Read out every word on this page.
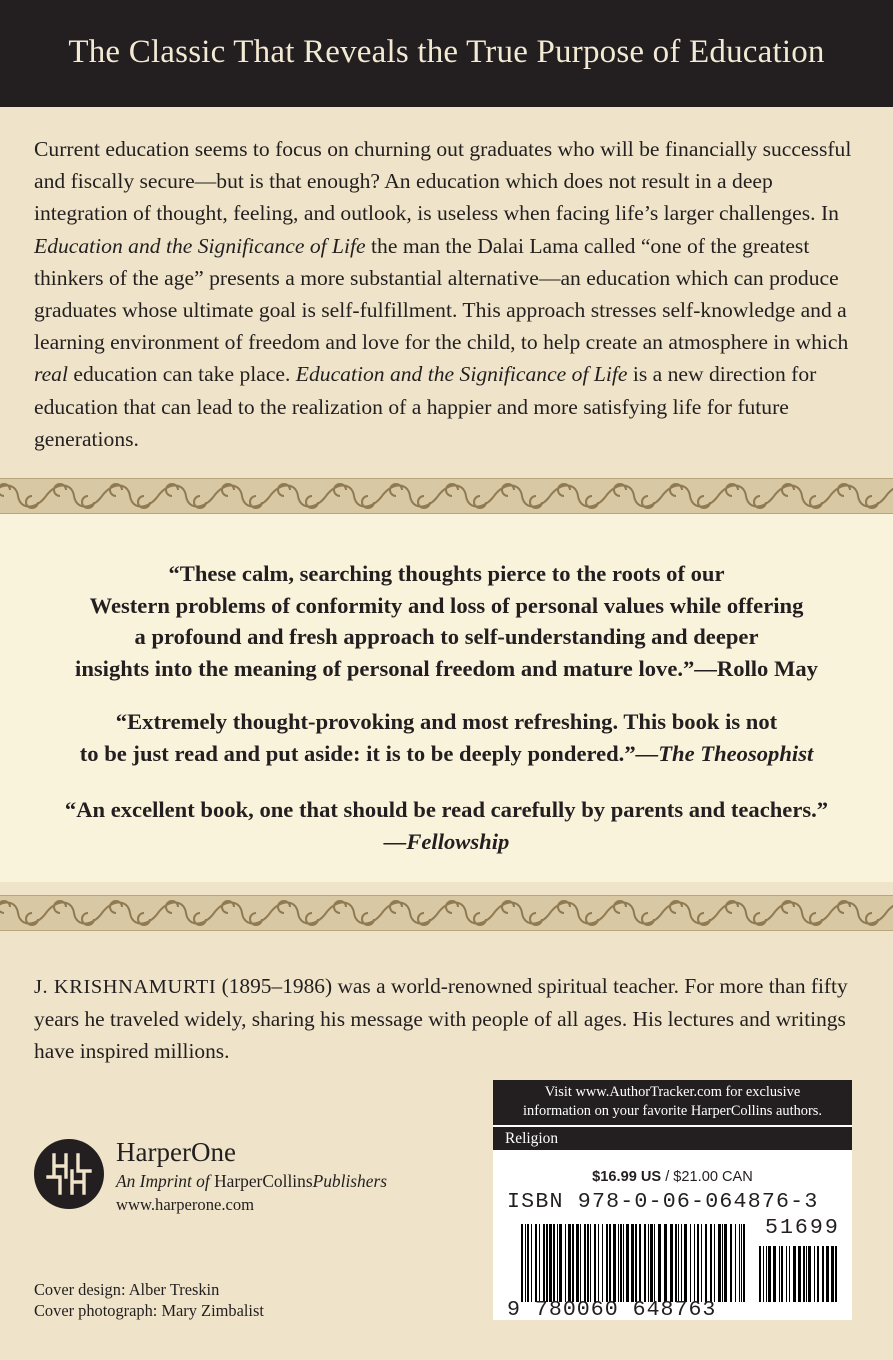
The Classic That Reveals the True Purpose of Education

Current education seems to focus on churning out graduates who will be financially successful and fiscally secure—but is that enough? An education which does not result in a deep integration of thought, feeling, and outlook, is useless when facing life’s larger challenges. In Education and the Significance of Life the man the Dalai Lama called “one of the greatest thinkers of the age” presents a more substantial alternative—an education which can produce graduates whose ultimate goal is self-fulfillment. This approach stresses self-knowledge and a learning environment of freedom and love for the child, to help create an atmosphere in which real education can take place. Education and the Significance of Life is a new direction for education that can lead to the realization of a happier and more satisfying life for future generations.

“These calm, searching thoughts pierce to the roots of our
Western problems of conformity and loss of personal values while offering
a profound and fresh approach to self-understanding and deeper
insights into the meaning of personal freedom and mature love.”—Rollo May
“Extremely thought-provoking and most refreshing. This book is not
to be just read and put aside: it is to be deeply pondered.”—The Theosophist
“An excellent book, one that should be read carefully by parents and teachers.”
—Fellowship

J. KRISHNAMURTI (1895–1986) was a world-renowned spiritual teacher. For more than fifty years he traveled widely, sharing his message with people of all ages. His lectures and writings have inspired millions.

HarperOne
An Imprint of HarperCollinsPublishers
www.harperone.com
Cover design: Alber Treskin
Cover photograph: Mary Zimbalist
Visit www.AuthorTracker.com for exclusive
information on your favorite HarperCollins authors.
Religion
$16.99 US / $21.00 CAN
ISBN 978-0-06-064876-3
51699
9 780060 648763
